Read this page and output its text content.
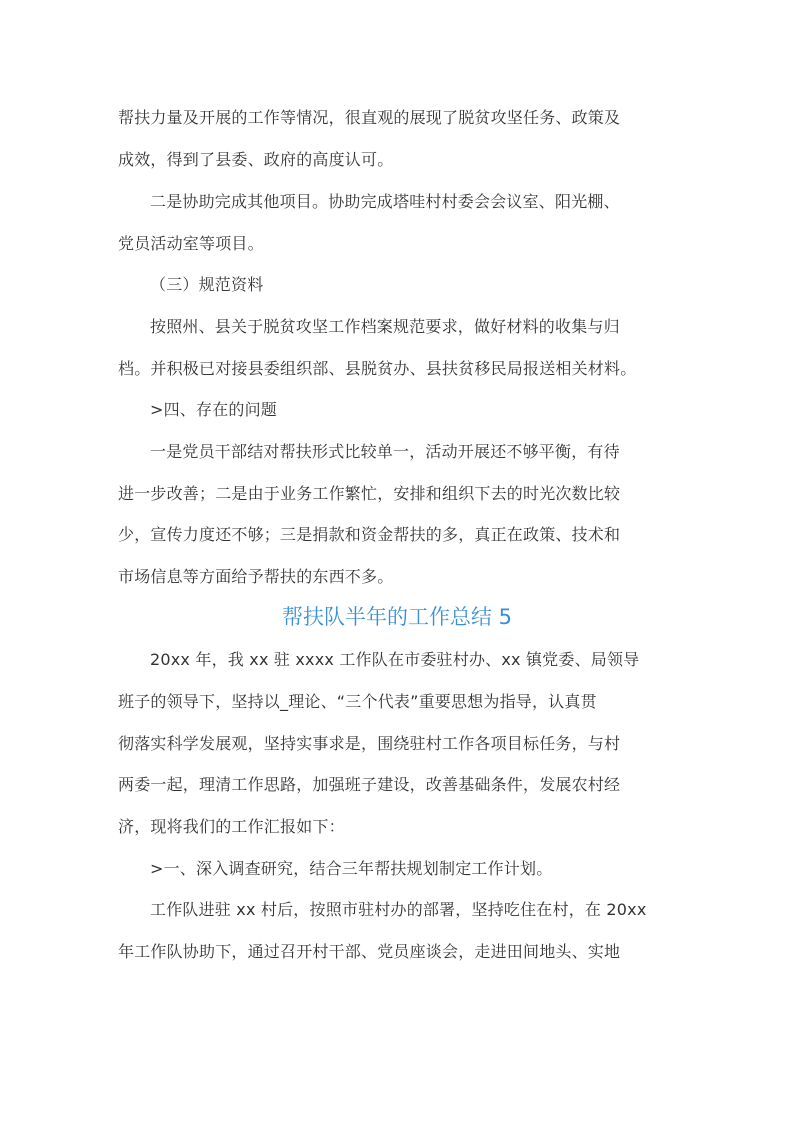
帮扶力量及开展的工作等情况，很直观的展现了脱贫攻坚任务、政策及
成效，得到了县委、政府的高度认可。
二是协助完成其他项目。协助完成塔哇村村委会会议室、阳光棚、
党员活动室等项目。
（三）规范资料
按照州、县关于脱贫攻坚工作档案规范要求，做好材料的收集与归
档。并积极已对接县委组织部、县脱贫办、县扶贫移民局报送相关材料。
>四、存在的问题
一是党员干部结对帮扶形式比较单一，活动开展还不够平衡，有待
进一步改善；二是由于业务工作繁忙，安排和组织下去的时光次数比较
少，宣传力度还不够；三是捐款和资金帮扶的多，真正在政策、技术和
市场信息等方面给予帮扶的东西不多。
帮扶队半年的工作总结 5
20xx 年，我 xx 驻 xxxx 工作队在市委驻村办、xx 镇党委、局领导
班子的领导下，坚持以_理论、“三个代表”重要思想为指导，认真贯
彻落实科学发展观，坚持实事求是，围绕驻村工作各项目标任务，与村
两委一起，理清工作思路，加强班子建设，改善基础条件，发展农村经
济，现将我们的工作汇报如下：
>一、深入调查研究，结合三年帮扶规划制定工作计划。
工作队进驻 xx 村后，按照市驻村办的部署，坚持吃住在村，在 20xx
年工作队协助下，通过召开村干部、党员座谈会，走进田间地头、实地
